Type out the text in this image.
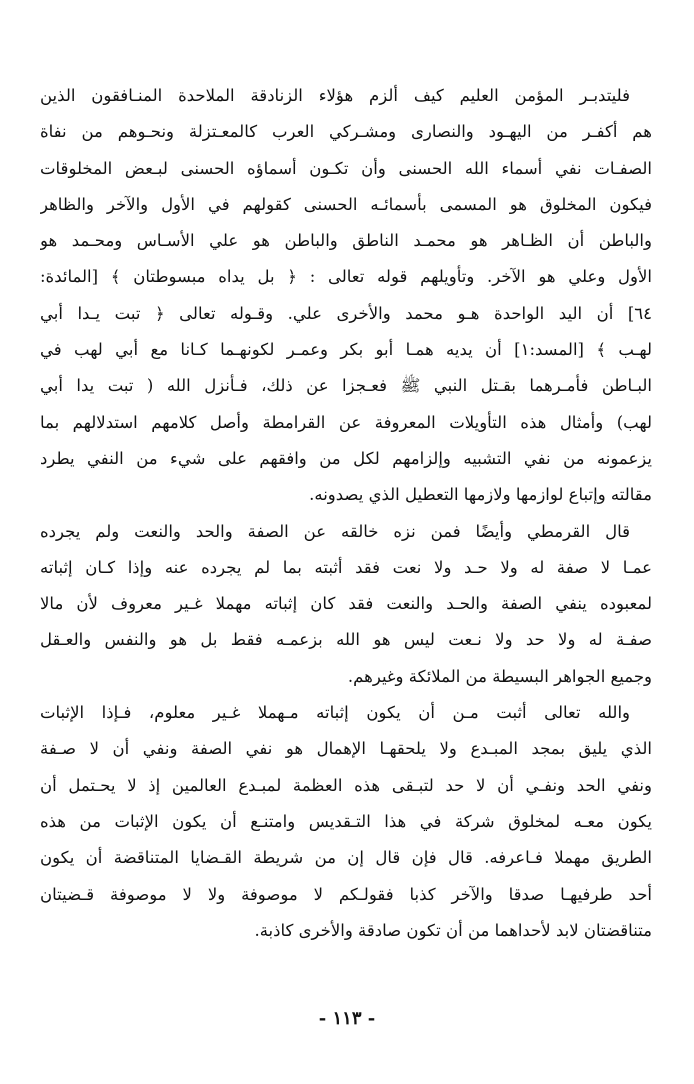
فليتدبـر المؤمن العليم كيف ألزم هؤلاء الزنادقة الملاحدة المنـافقون الذين
هم أكفـر من اليهـود والنصارى ومشـركي العرب كالمعـتزلة ونحـوهم من نفاة
الصفـات نفي أسماء الله الحسنى وأن تكـون أسماؤه الحسنى لبـعض المخلوقات
فيكون المخلوق هو المسمى بأسمائـه الحسنى كقولهم في الأول والآخر والظاهر
والباطن أن الظـاهر هو محمـد الناطق والباطن هو علي الأسـاس ومحـمد هو
الأول وعلي هو الآخر. وتأويلهم قوله تعالى : ﴿ بل يداه مبسوطتان ﴾ [المائدة:
٦٤] أن اليد الواحدة هـو محمد والأخرى علي. وقـوله تعالى ﴿ تبت يـدا أبي
لهـب ﴾ [المسد:١] أن يديه همـا أبو بكر وعمـر لكونهـما كـانا مع أبي لهب في
البـاطن فأمـرهما بقـتل النبي ﷺ فعـجزا عن ذلك، فـأنزل الله ( تبت يدا أبي
لهب) وأمثال هذه التأويلات المعروفة عن القرامطة وأصل كلامهم استدلالهم بما
يزعمونه من نفي التشبيه وإلزامهم لكل من وافقهم على شيء من النفي يطرد
مقالته وإتباع لوازمها ولازمها التعطيل الذي يصدونه.
قال القرمطي وأيضًا فمن نزه خالقه عن الصفة والحد والنعت ولم يجرده
عمـا لا صفة له ولا حـد ولا نعت فقد أثبته بما لم يجرده عنه وإذا كـان إثباته
لمعبوده ينفي الصفة والحـد والنعت فقد كان إثباته مهملا غـير معروف لأن مالا
صفـة له ولا حد ولا نـعت ليس هو الله بزعمـه فقط بل هو والنفس والعـقل
وجميع الجواهر البسيطة من الملائكة وغيرهم.
والله تعالى أثبت مـن أن يكون إثباته مـهملا غـير معلوم، فـإذا الإثبات
الذي يليق بمجد المبـدع ولا يلحقهـا الإهمال هو نفي الصفة ونفي أن لا صـفة
ونفي الحد ونفـي أن لا حد لتبـقى هذه العظمة لمبـدع العالمين إذ لا يحـتمل أن
يكون معـه لمخلوق شركة في هذا التـقديس وامتنـع أن يكون الإثبات من هذه
الطريق مهملا فـاعرفه. قال فإن قال إن من شريطة القـضايا المتناقضة أن يكون
أحد طرفيهـا صدقا والآخر كذبا فقولـكم لا موصوفة ولا لا موصوفة قـضيتان
متناقضتان لابد لأحداهما من أن تكون صادقة والأخرى كاذبة.
- ١١٣ -
